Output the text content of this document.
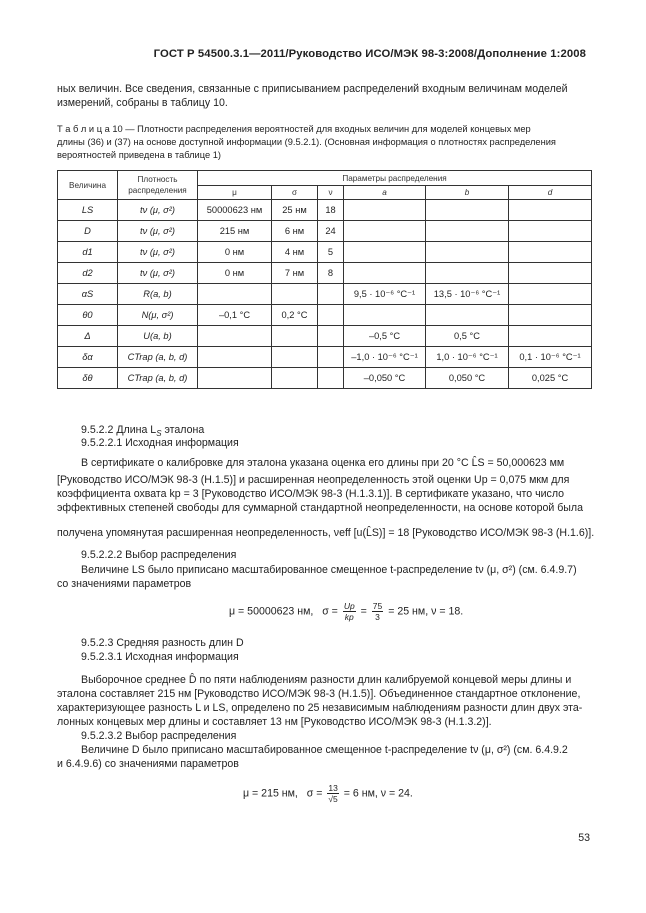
ГОСТ Р 54500.3.1—2011/Руководство ИСО/МЭК 98-3:2008/Дополнение 1:2008
ных величин. Все сведения, связанные с приписыванием распределений входным величинам моделей
измерений, собраны в таблицу 10.
Т а б л и ц а 10 — Плотности распределения вероятностей для входных величин для моделей концевых мер
длины (36) и (37) на основе доступной информации (9.5.2.1). (Основная информация о плотностях распределения
вероятностей приведена в таблице 1)
Величина	Плотность распределения	Параметры распределения					
		μ	σ	ν	a	b	d
LS	tν (μ, σ²)	50000623 нм	25 нм	18			
D	tν (μ, σ²)	215 нм	6 нм	24			
d1	tν (μ, σ²)	0 нм	4 нм	5			
d2	tν (μ, σ²)	0 нм	7 нм	8			
αS	R(a, b)				9,5 · 10⁻⁶ °C⁻¹	13,5 · 10⁻⁶ °C⁻¹	
θ0	N(μ, σ²)	–0,1 °C	0,2 °C				
Δ	U(a, b)				–0,5 °C	0,5 °C	
δα	CTrap (a, b, d)				–1,0 · 10⁻⁶ °C⁻¹	1,0 · 10⁻⁶ °C⁻¹	0,1 · 10⁻⁶ °C⁻¹
δθ	CTrap (a, b, d)				–0,050 °C	0,050 °C	0,025 °C
9.5.2.2 Длина $L_S$ эталона
9.5.2.2.1 Исходная информация
В сертификате о калибровке для эталона указана оценка его длины при 20 °С L̂S = 50,000623 мм
[Руководство ИСО/МЭК 98-3 (Н.1.5)] и расширенная неопределенность этой оценки Up = 0,075 мкм для
коэффициента охвата kp = 3 [Руководство ИСО/МЭК 98-3 (Н.1.3.1)]. В сертификате указано, что число
эффективных степеней свободы для суммарной стандартной неопределенности, на основе которой была
получена упомянутая расширенная неопределенность, νeff [u(L̂S)] = 18 [Руководство ИСО/МЭК 98-3 (Н.1.6)].
9.5.2.2.2 Выбор распределения
Величине LS было приписано масштабированное смещенное t-распределение tν (μ, σ²) (см. 6.4.9.7)
со значениями параметров
μ = 50000623 нм, $\sigma = \frac{Up}{kp} = \frac{75}{3} = 25$ нм, ν = 18.
9.5.2.3 Средняя разность длин D
9.5.2.3.1 Исходная информация
Выборочное среднее D̂ по пяти наблюдениям разности длин калибруемой концевой меры длины и
эталона составляет 215 нм [Руководство ИСО/МЭК 98-3 (Н.1.5)]. Объединенное стандартное отклонение,
характеризующее разность L и LS, определено по 25 независимым наблюдениям разности длин двух эта-
лонных концевых мер длины и составляет 13 нм [Руководство ИСО/МЭК 98-3 (Н.1.3.2)].
9.5.2.3.2 Выбор распределения
Величине D было приписано масштабированное смещенное t-распределение tν (μ, σ²) (см. 6.4.9.2
и 6.4.9.6) со значениями параметров
μ = 215 нм, $\sigma = \frac{13}{√5} = 6$ нм, ν = 24.
53
